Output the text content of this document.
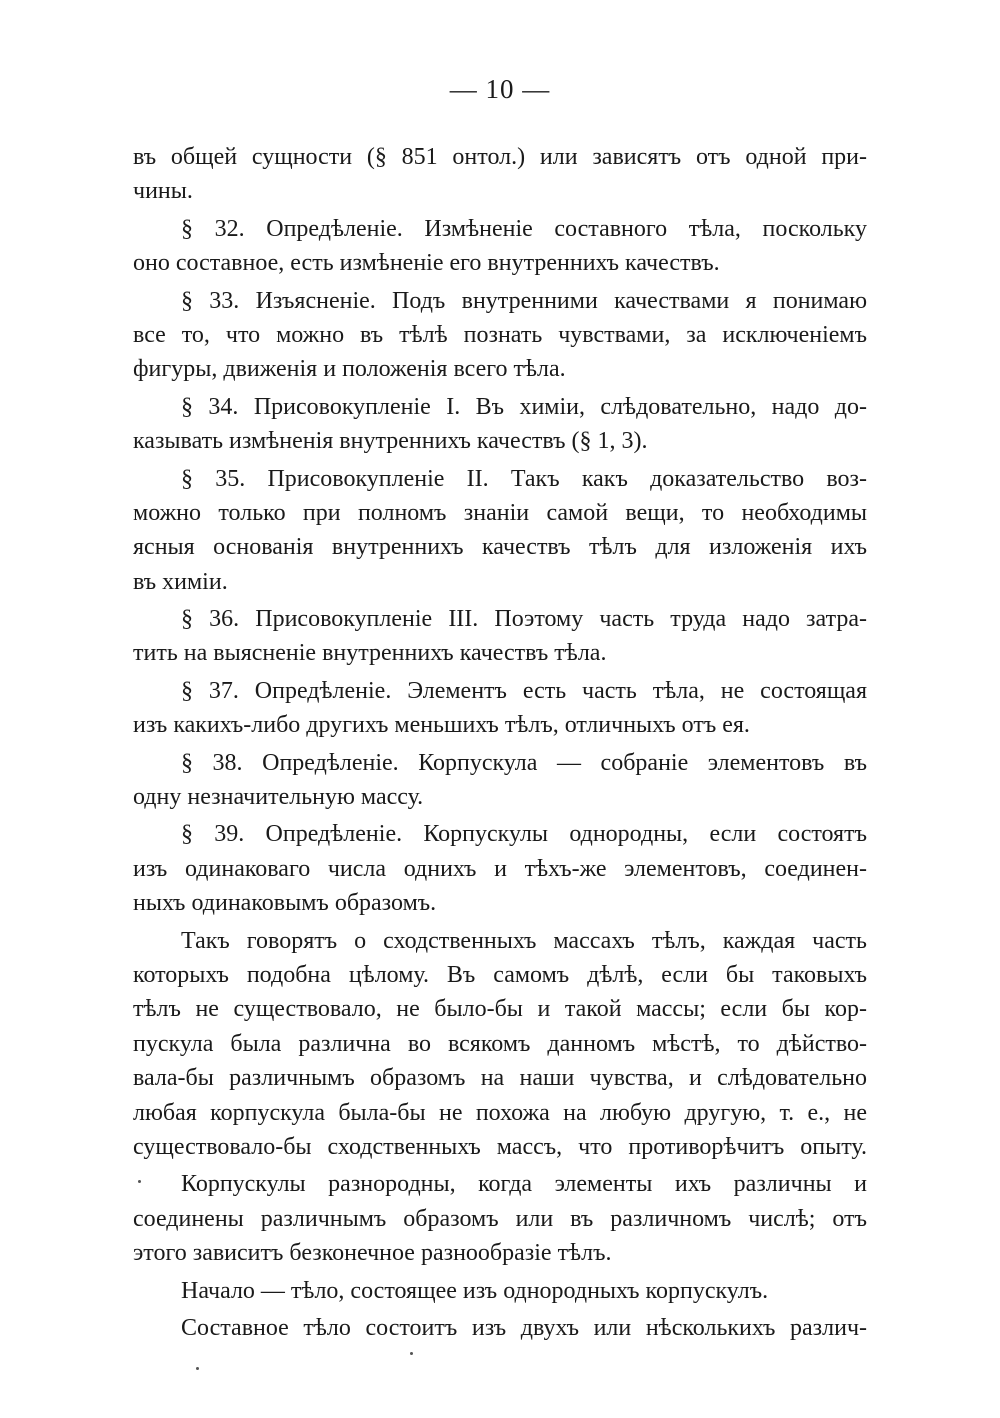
— 10 —
въ общей сущности (§ 851 онтол.) или зависятъ отъ одной при-
чины.
§ 32. Опредѣленіе. Измѣненіе составного тѣла, поскольку
оно составное, есть измѣненіе его внутреннихъ качествъ.
§ 33. Изъясненіе. Подъ внутренними качествами я понимаю
все то, что можно въ тѣлѣ познать чувствами, за исключеніемъ
фигуры, движенія и положенія всего тѣла.
§ 34. Присовокупленіе I. Въ химіи, слѣдовательно, надо до-
казывать измѣненія внутреннихъ качествъ (§ 1, 3).
§ 35. Присовокупленіе II. Такъ какъ доказательство воз-
можно только при полномъ знаніи самой вещи, то необходимы
ясныя основанія внутреннихъ качествъ тѣлъ для изложенія ихъ
въ химіи.
§ 36. Присовокупленіе III. Поэтому часть труда надо затра-
тить на выясненіе внутреннихъ качествъ тѣла.
§ 37. Опредѣленіе. Элементъ есть часть тѣла, не состоящая
изъ какихъ-либо другихъ меньшихъ тѣлъ, отличныхъ отъ ея.
§ 38. Опредѣленіе. Корпускула — собраніе элементовъ въ
одну незначительную массу.
§ 39. Опредѣленіе. Корпускулы однородны, если состоятъ
изъ одинаковаго числа однихъ и тѣхъ-же элементовъ, соединен-
ныхъ одинаковымъ образомъ.
Такъ говорятъ о сходственныхъ массахъ тѣлъ, каждая часть
которыхъ подобна цѣлому. Въ самомъ дѣлѣ, если бы таковыхъ
тѣлъ не существовало, не было-бы и такой массы; если бы кор-
пускула была различна во всякомъ данномъ мѣстѣ, то дѣйство-
вала-бы различнымъ образомъ на наши чувства, и слѣдовательно
любая корпускула была-бы не похожа на любую другую, т. е., не
существовало-бы сходственныхъ массъ, что противорѣчитъ опыту.
Корпускулы разнородны, когда элементы ихъ различны и
соединены различнымъ образомъ или въ различномъ числѣ; отъ
этого зависитъ безконечное разнообразіе тѣлъ.
Начало — тѣло, состоящее изъ однородныхъ корпускулъ.
Составное тѣло состоитъ изъ двухъ или нѣсколькихъ различ-
